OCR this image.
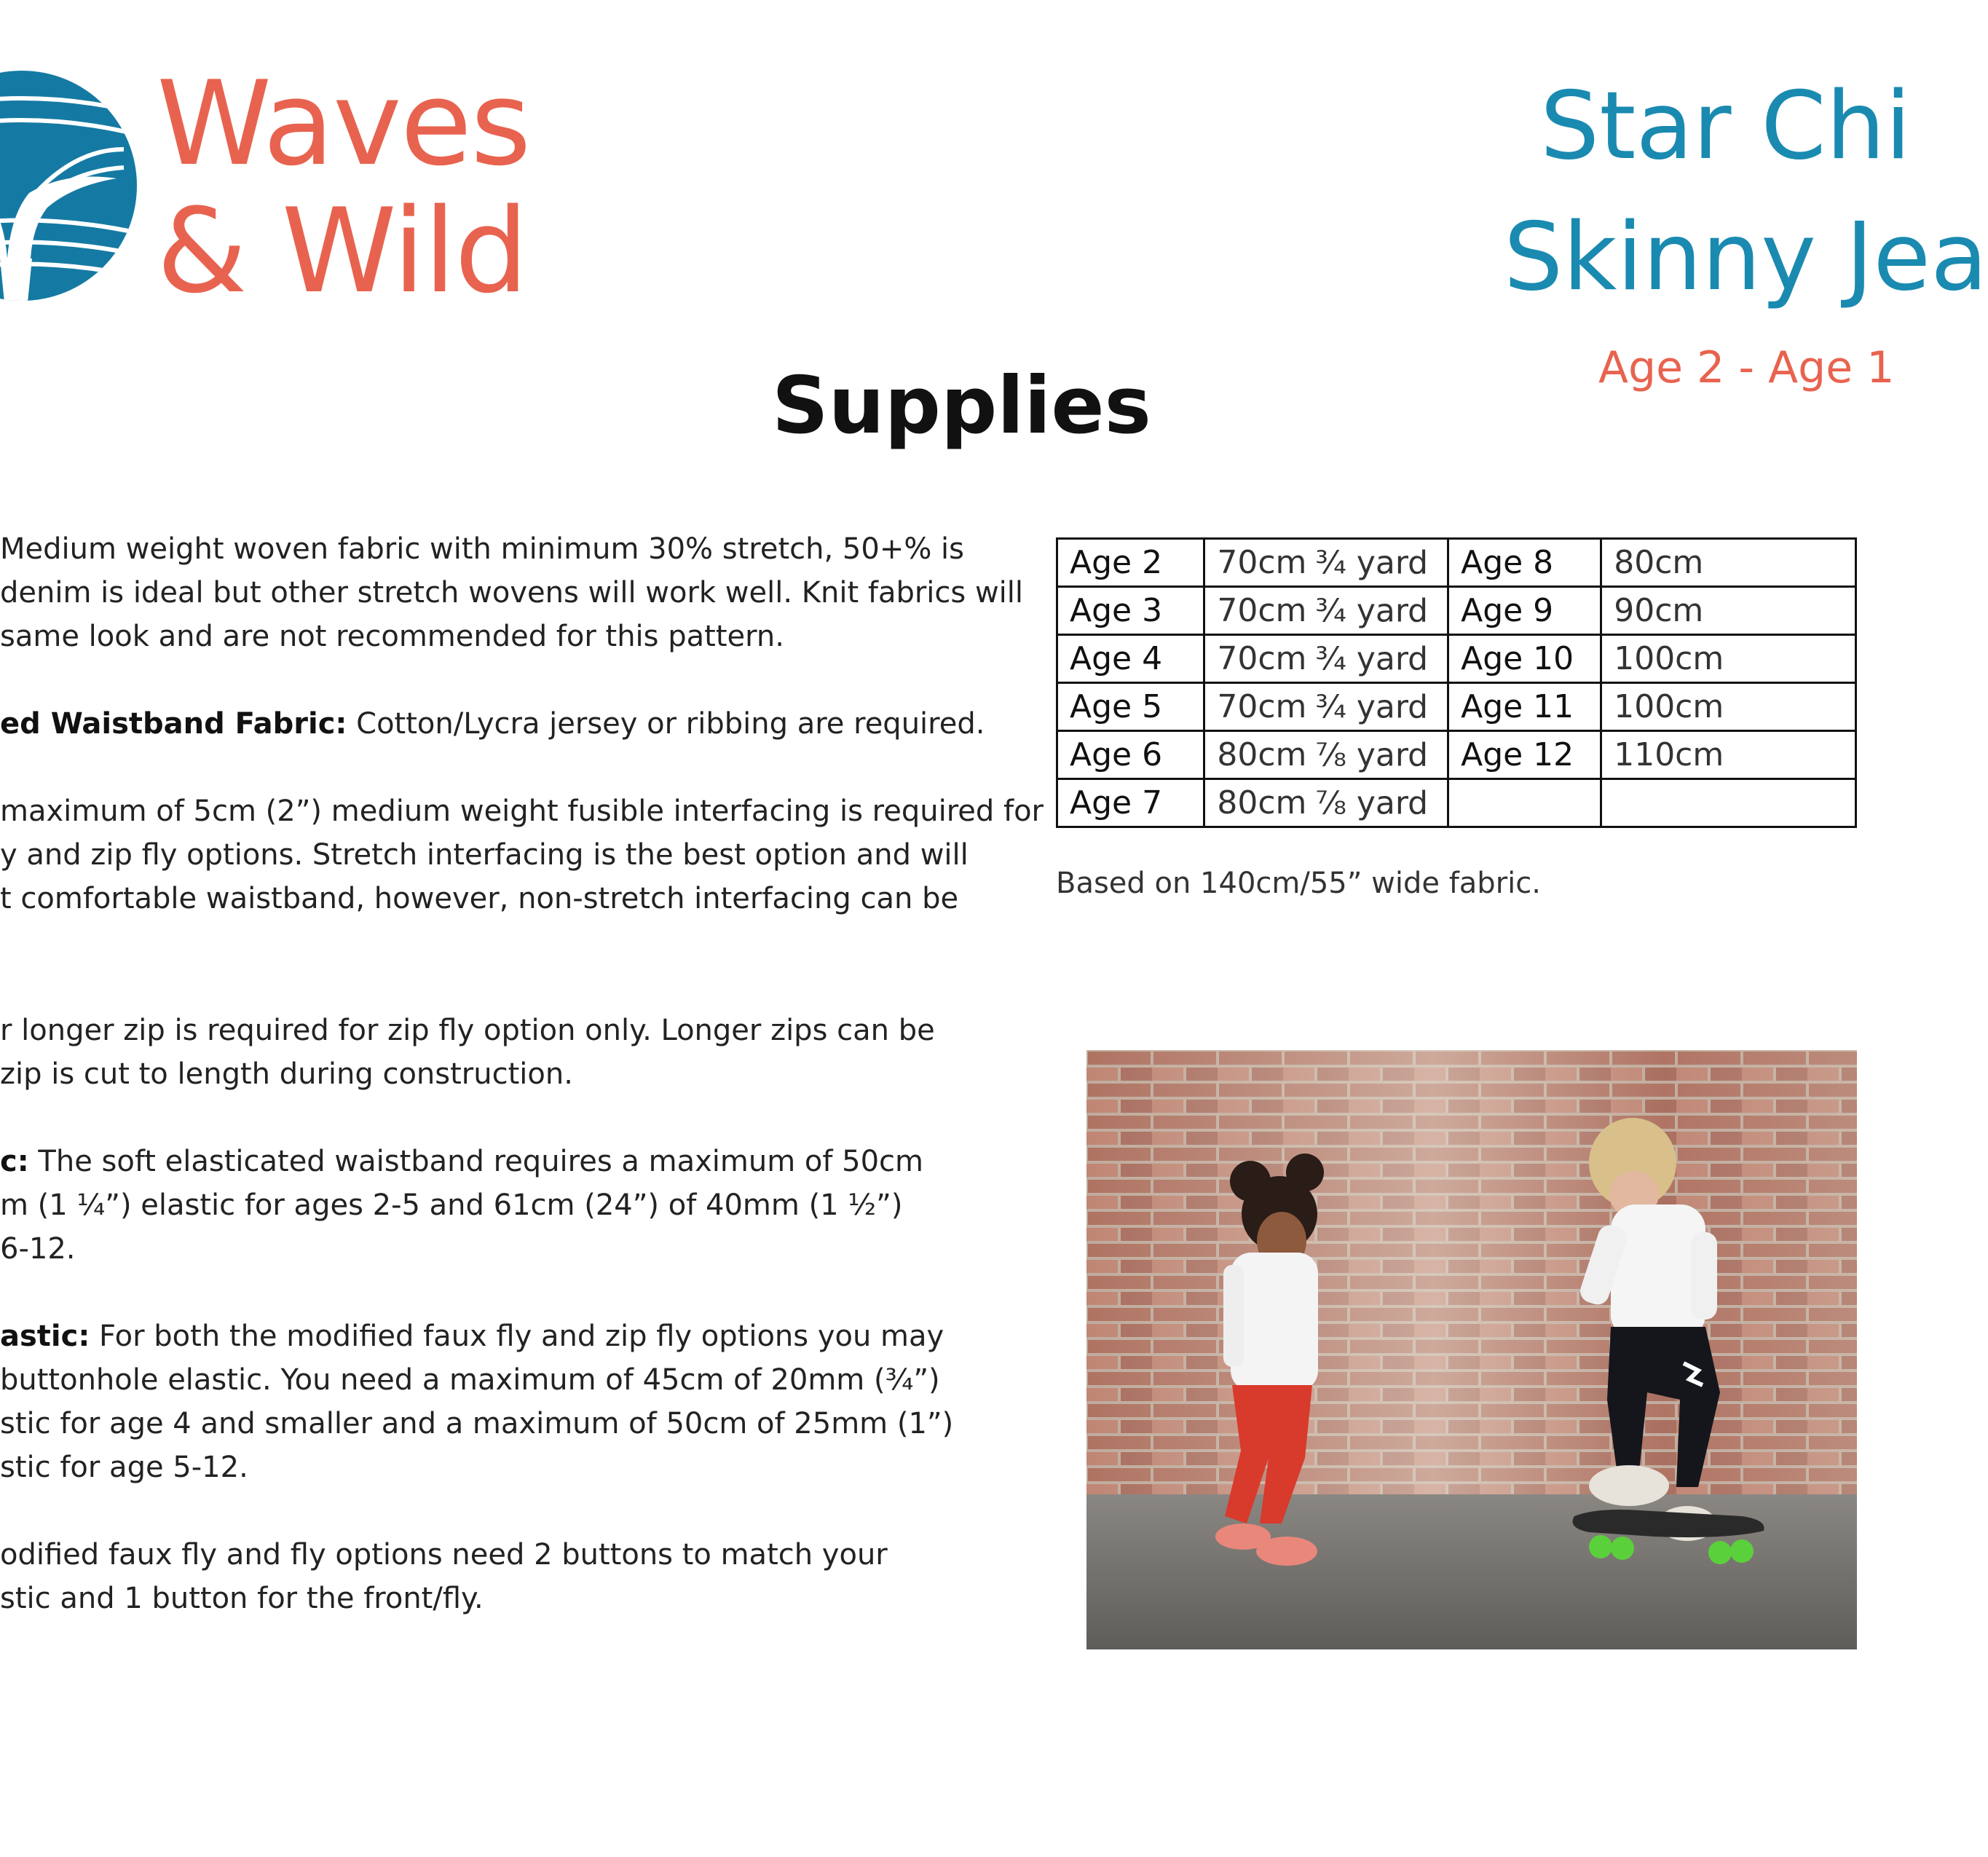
Waves
& Wild
Star Chi
Skinny Jea
Age 2 - Age 1
Supplies
Medium weight woven fabric with minimum 30% stretch, 50+% is
denim is ideal but other stretch wovens will work well. Knit fabrics will
same look and are not recommended for this pattern.
ed Waistband Fabric: Cotton/Lycra jersey or ribbing are required.
maximum of 5cm (2”) medium weight fusible interfacing is required for
y and zip fly options. Stretch interfacing is the best option and will
t comfortable waistband, however, non-stretch interfacing can be
r longer zip is required for zip fly option only. Longer zips can be
zip is cut to length during construction.
c: The soft elasticated waistband requires a maximum of 50cm
m (1 ¼”) elastic for ages 2-5 and 61cm (24”) of 40mm (1 ½”)
6-12.
astic: For both the modified faux fly and zip fly options you may
buttonhole elastic. You need a maximum of 45cm of 20mm (¾”)
stic for age 4 and smaller and a maximum of 50cm of 25mm (1”)
stic for age 5-12.
odified faux fly and fly options need 2 buttons to match your
stic and 1 button for the front/fly.
Age 2	70cm ¾ yard	Age 8	80cm
Age 3	70cm ¾ yard	Age 9	90cm
Age 4	70cm ¾ yard	Age 10	100cm
Age 5	70cm ¾ yard	Age 11	100cm
Age 6	80cm ⅞ yard	Age 12	110cm
Age 7	80cm ⅞ yard		

Based on 140cm/55” wide fabric.
